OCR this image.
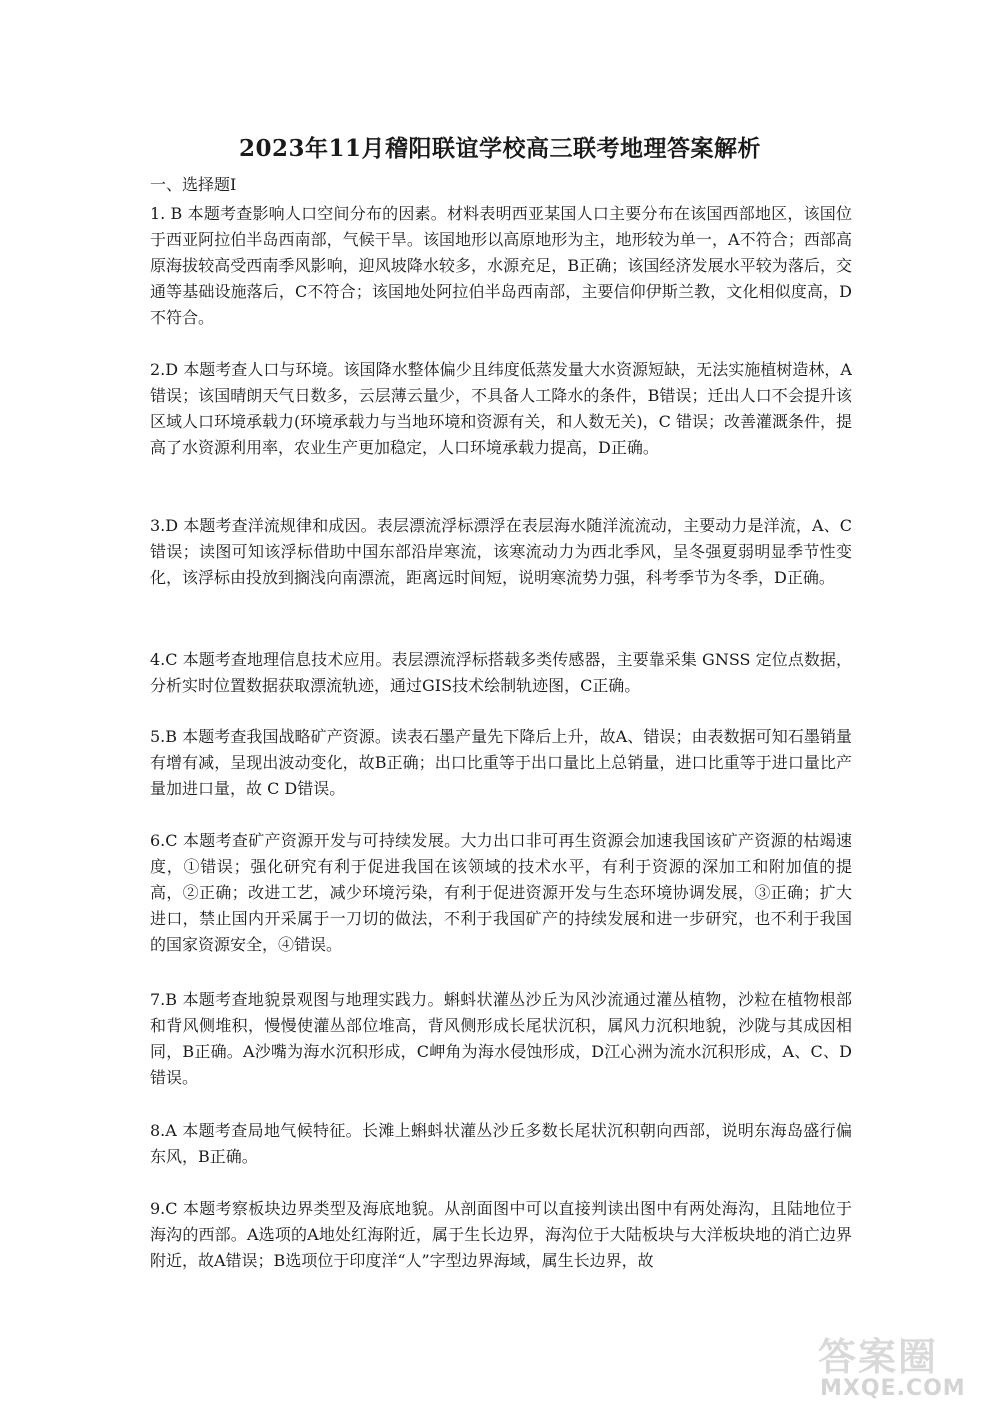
2023年11月稽阳联谊学校高三联考地理答案解析
一、选择题Ⅰ
1. B 本题考查影响人口空间分布的因素。材料表明西亚某国人口主要分布在该国西部地区，该国位于西亚阿拉伯半岛西南部，气候干旱。该国地形以高原地形为主，地形较为单一，A不符合；西部高原海拔较高受西南季风影响，迎风坡降水较多，水源充足，B正确；该国经济发展水平较为落后，交通等基础设施落后，C不符合；该国地处阿拉伯半岛西南部，主要信仰伊斯兰教，文化相似度高，D不符合。
2.D 本题考查人口与环境。该国降水整体偏少且纬度低蒸发量大水资源短缺，无法实施植树造林，A错误；该国晴朗天气日数多，云层薄云量少，不具备人工降水的条件，B错误；迁出人口不会提升该区域人口环境承载力(环境承载力与当地环境和资源有关，和人数无关)，C 错误；改善灌溉条件，提高了水资源利用率，农业生产更加稳定，人口环境承载力提高，D正确。
3.D 本题考查洋流规律和成因。表层漂流浮标漂浮在表层海水随洋流流动，主要动力是洋流，A、C 错误；读图可知该浮标借助中国东部沿岸寒流，该寒流动力为西北季风，呈冬强夏弱明显季节性变化，该浮标由投放到搁浅向南漂流，距离远时间短，说明寒流势力强，科考季节为冬季，D正确。
4.C 本题考查地理信息技术应用。表层漂流浮标搭载多类传感器，主要靠采集 GNSS 定位点数据，分析实时位置数据获取漂流轨迹，通过GIS技术绘制轨迹图，C正确。
5.B 本题考查我国战略矿产资源。读表石墨产量先下降后上升，故A、错误；由表数据可知石墨销量有增有减，呈现出波动变化，故B正确；出口比重等于出口量比上总销量，进口比重等于进口量比产量加进口量，故 C D错误。
6.C 本题考查矿产资源开发与可持续发展。大力出口非可再生资源会加速我国该矿产资源的枯竭速度，①错误；强化研究有利于促进我国在该领域的技术水平，有利于资源的深加工和附加值的提高，②正确；改进工艺，减少环境污染，有利于促进资源开发与生态环境协调发展，③正确；扩大进口，禁止国内开采属于一刀切的做法，不利于我国矿产的持续发展和进一步研究，也不利于我国的国家资源安全，④错误。
7.B 本题考查地貌景观图与地理实践力。蝌蚪状灌丛沙丘为风沙流通过灌丛植物，沙粒在植物根部和背风侧堆积，慢慢使灌丛部位堆高，背风侧形成长尾状沉积，属风力沉积地貌，沙陇与其成因相同，B正确。A沙嘴为海水沉积形成，C岬角为海水侵蚀形成，D江心洲为流水沉积形成，A、C、D错误。
8.A 本题考查局地气候特征。长滩上蝌蚪状灌丛沙丘多数长尾状沉积朝向西部，说明东海岛盛行偏东风，B正确。
9.C 本题考察板块边界类型及海底地貌。从剖面图中可以直接判读出图中有两处海沟，且陆地位于海沟的西部。A选项的A地处红海附近，属于生长边界，海沟位于大陆板块与大洋板块地的消亡边界附近，故A错误；B选项位于印度洋“人”字型边界海域，属生长边界，故
答案圈
MXQE.COM
